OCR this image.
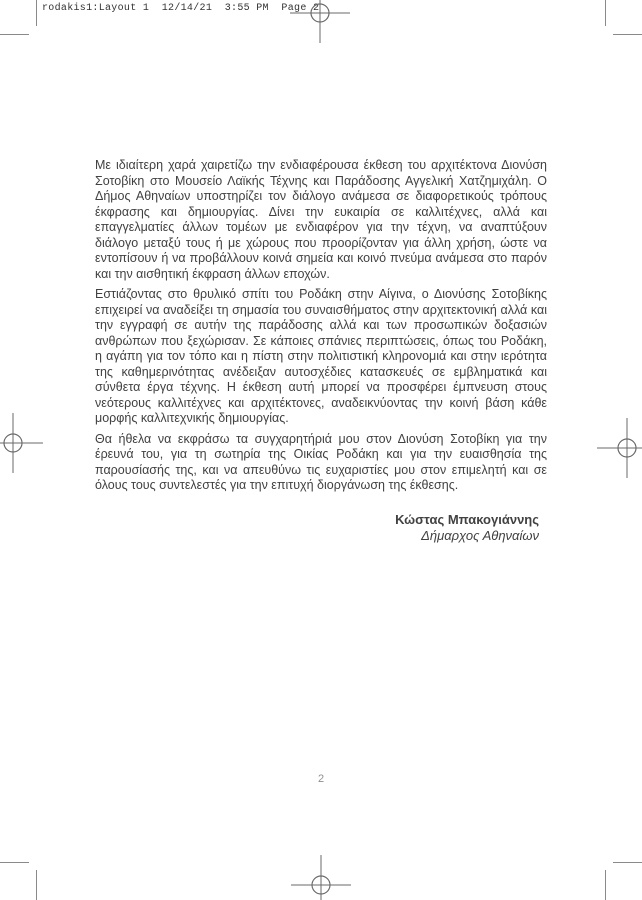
rodakis1:Layout 1  12/14/21  3:55 PM  Page 2

Με ιδιαίτερη χαρά χαιρετίζω την ενδιαφέρουσα έκθεση του αρχιτέκτονα Διονύση Σοτοβίκη στο Μουσείο Λαϊκής Τέχνης και Παράδοσης Αγγελική Χατζημιχάλη. Ο Δήμος Αθηναίων υποστηρίζει τον διάλογο ανάμεσα σε διαφορετικούς τρόπους έκφρασης και δημιουργίας. Δίνει την ευκαιρία σε καλλιτέχνες, αλλά και επαγγελματίες άλλων τομέων με ενδιαφέρον για την τέχνη, να αναπτύξουν διάλογο μεταξύ τους ή με χώρους που προορίζονταν για άλλη χρήση, ώστε να εντοπίσουν ή να προβάλλουν κοινά σημεία και κοινό πνεύμα ανάμεσα στο παρόν και την αισθητική έκφραση άλλων εποχών.

Εστιάζοντας στο θρυλικό σπίτι του Ροδάκη στην Αίγινα, ο Διονύσης Σοτοβίκης επιχειρεί να αναδείξει τη σημασία του συναισθήματος στην αρχιτεκτονική αλλά και την εγγραφή σε αυτήν της παράδοσης αλλά και των προσωπικών δοξασιών ανθρώπων που ξεχώρισαν. Σε κάποιες σπάνιες περιπτώσεις, όπως του Ροδάκη, η αγάπη για τον τόπο και η πίστη στην πολιτιστική κληρονομιά και στην ιερότητα της καθημερινότητας ανέδειξαν αυτοσχέδιες κατασκευές σε εμβληματικά και σύνθετα έργα τέχνης. Η έκθεση αυτή μπορεί να προσφέρει έμπνευση στους νεότερους καλλιτέχνες και αρχιτέκτονες, αναδεικνύοντας την κοινή βάση κάθε μορφής καλλιτεχνικής δημιουργίας.

Θα ήθελα να εκφράσω τα συγχαρητήριά μου στον Διονύση Σοτοβίκη για την έρευνά του, για τη σωτηρία της Οικίας Ροδάκη και για την ευαισθησία της παρουσίασής της, και να απευθύνω τις ευχαριστίες μου στον επιμελητή και σε όλους τους συντελεστές για την επιτυχή διοργάνωση της έκθεσης.

Κώστας Μπακογιάννης
Δήμαρχος Αθηναίων
2
